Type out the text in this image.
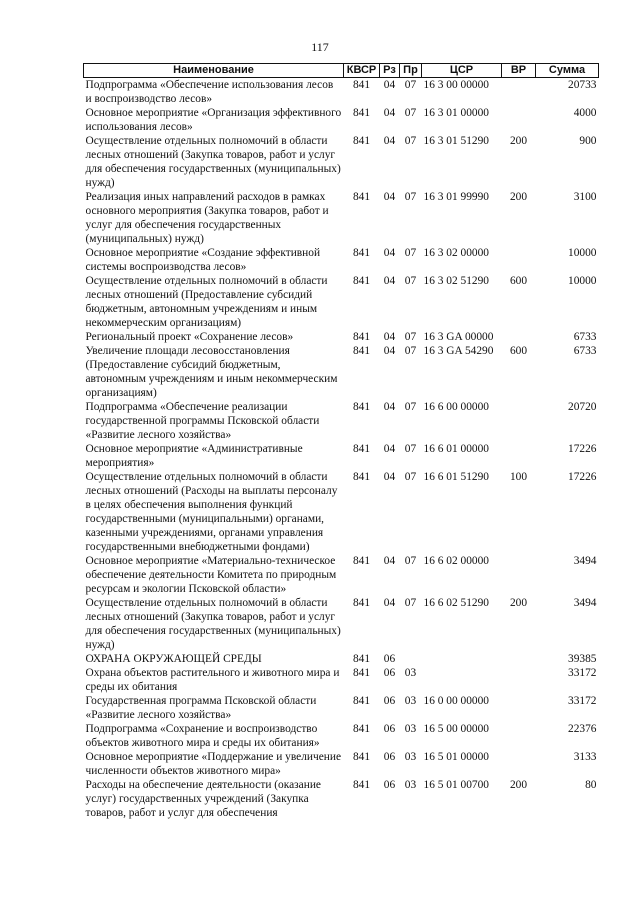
117
Наименование	КВСР	Рз	Пр	ЦСР	ВР	Сумма
Подпрограмма «Обеспечение использования лесов и воспроизводство лесов»	841	04	07	16 3 00 00000		20733
Основное мероприятие «Организация эффективного использования лесов»	841	04	07	16 3 01 00000		4000
Осуществление отдельных полномочий в области лесных отношений (Закупка товаров, работ и услуг для обеспечения государственных (муниципальных) нужд)	841	04	07	16 3 01 51290	200	900
Реализация иных направлений расходов в рамках основного мероприятия (Закупка товаров, работ и услуг для обеспечения государственных (муниципальных) нужд)	841	04	07	16 3 01 99990	200	3100
Основное мероприятие «Создание эффективной системы воспроизводства лесов»	841	04	07	16 3 02 00000		10000
Осуществление отдельных полномочий в области лесных отношений (Предоставление субсидий бюджетным, автономным учреждениям и иным некоммерческим организациям)	841	04	07	16 3 02 51290	600	10000
Региональный проект «Сохранение лесов»	841	04	07	16 3 GA 00000		6733
Увеличение площади лесовосстановления (Предоставление субсидий бюджетным, автономным учреждениям и иным некоммерческим организациям)	841	04	07	16 3 GA 54290	600	6733
Подпрограмма «Обеспечение реализации государственной программы Псковской области «Развитие лесного хозяйства»	841	04	07	16 6 00 00000		20720
Основное мероприятие «Административные мероприятия»	841	04	07	16 6 01 00000		17226
Осуществление отдельных полномочий в области лесных отношений (Расходы на выплаты персоналу в целях обеспечения выполнения функций государственными (муниципальными) органами, казенными учреждениями, органами управления государственными внебюджетными фондами)	841	04	07	16 6 01 51290	100	17226
Основное мероприятие «Материально-техническое обеспечение деятельности Комитета по природным ресурсам и экологии Псковской области»	841	04	07	16 6 02 00000		3494
Осуществление отдельных полномочий в области лесных отношений (Закупка товаров, работ и услуг для обеспечения государственных (муниципальных) нужд)	841	04	07	16 6 02 51290	200	3494
ОХРАНА ОКРУЖАЮЩЕЙ СРЕДЫ	841	06				39385
Охрана объектов растительного и животного мира и среды их обитания	841	06	03			33172
Государственная программа Псковской области «Развитие лесного хозяйства»	841	06	03	16 0 00 00000		33172
Подпрограмма «Сохранение и воспроизводство объектов животного мира и среды их обитания»	841	06	03	16 5 00 00000		22376
Основное мероприятие «Поддержание и увеличение численности объектов животного мира»	841	06	03	16 5 01 00000		3133
Расходы на обеспечение деятельности (оказание услуг) государственных учреждений (Закупка товаров, работ и услуг для обеспечения	841	06	03	16 5 01 00700	200	80
